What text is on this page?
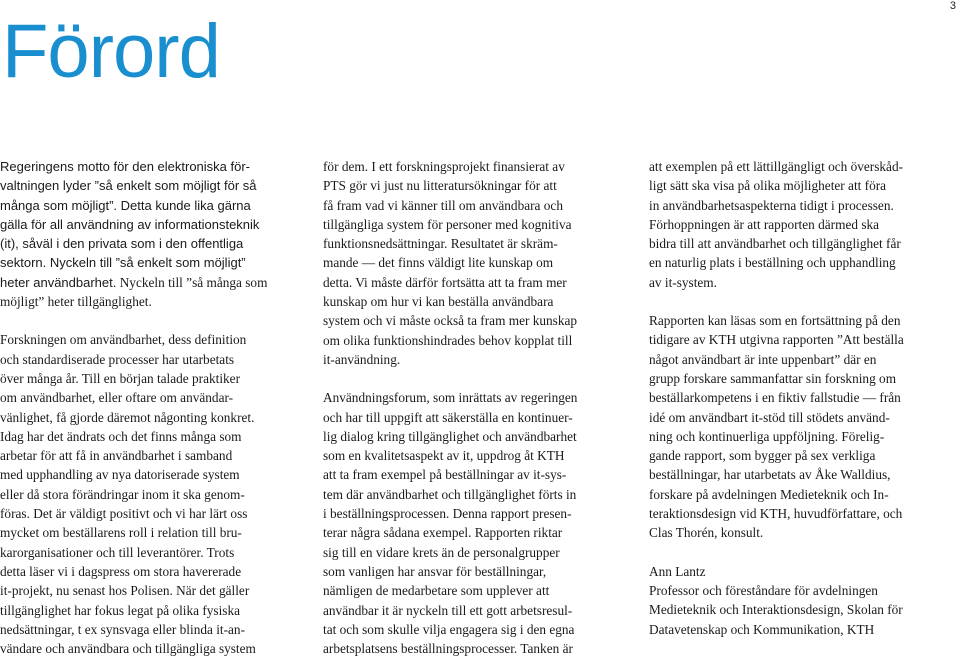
3
Förord

Regeringens motto för den elektroniska för-
valtningen lyder ”så enkelt som möjligt för så
många som möjligt”. Detta kunde lika gärna
gälla för all användning av informationsteknik
(it), såväl i den privata som i den offentliga
sektorn. Nyckeln till ”så enkelt som möjligt”
heter användbarhet. Nyckeln till ”så många som
möjligt” heter tillgänglighet.

Forskningen om användbarhet, dess definition
och standardiserade processer har utarbetats
över många år. Till en början talade praktiker
om användbarhet, eller oftare om användar-
vänlighet, få gjorde däremot någonting konkret.
Idag har det ändrats och det finns många som
arbetar för att få in användbarhet i samband
med upphandling av nya datoriserade system
eller då stora förändringar inom it ska genom-
föras. Det är väldigt positivt och vi har lärt oss
mycket om beställarens roll i relation till bru-
karorganisationer och till leverantörer. Trots
detta läser vi i dagspress om stora havererade
it-projekt, nu senast hos Polisen. När det gäller
tillgänglighet har fokus legat på olika fysiska
nedsättningar, t ex synsvaga eller blinda it-an-
vändare och användbara och tillgängliga system

för dem. I ett forskningsprojekt finansierat av
PTS gör vi just nu litteratursökningar för att
få fram vad vi känner till om användbara och
tillgängliga system för personer med kognitiva
funktionsnedsättningar. Resultatet är skräm-
mande — det finns väldigt lite kunskap om
detta. Vi måste därför fortsätta att ta fram mer
kunskap om hur vi kan beställa användbara
system och vi måste också ta fram mer kunskap
om olika funktionshindrades behov kopplat till
it-användning.

Användningsforum, som inrättats av regeringen
och har till uppgift att säkerställa en kontinuer-
lig dialog kring tillgänglighet och användbarhet
som en kvalitetsaspekt av it, uppdrog åt KTH
att ta fram exempel på beställningar av it-sys-
tem där användbarhet och tillgänglighet förts in
i beställningsprocessen. Denna rapport presen-
terar några sådana exempel. Rapporten riktar
sig till en vidare krets än de personalgrupper
som vanligen har ansvar för beställningar,
nämligen de medarbetare som upplever att
användbar it är nyckeln till ett gott arbetsresul-
tat och som skulle vilja engagera sig i den egna
arbetsplatsens beställningsprocesser. Tanken är

att exemplen på ett lättillgängligt och överskåd-
ligt sätt ska visa på olika möjligheter att föra
in användbarhetsaspekterna tidigt i processen.
Förhoppningen är att rapporten därmed ska
bidra till att användbarhet och tillgänglighet får
en naturlig plats i beställning och upphandling
av it-system.

Rapporten kan läsas som en fortsättning på den
tidigare av KTH utgivna rapporten ”Att beställa
något användbart är inte uppenbart” där en
grupp forskare sammanfattar sin forskning om
beställarkompetens i en fiktiv fallstudie — från
idé om användbart it-stöd till stödets använd-
ning och kontinuerliga uppföljning. Förelig-
gande rapport, som bygger på sex verkliga
beställningar, har utarbetats av Åke Walldius,
forskare på avdelningen Medieteknik och In-
teraktionsdesign vid KTH, huvudförfattare, och
Clas Thorén, konsult.

Ann Lantz
Professor och föreståndare för avdelningen
Medieteknik och Interaktionsdesign, Skolan för
Datavetenskap och Kommunikation, KTH
